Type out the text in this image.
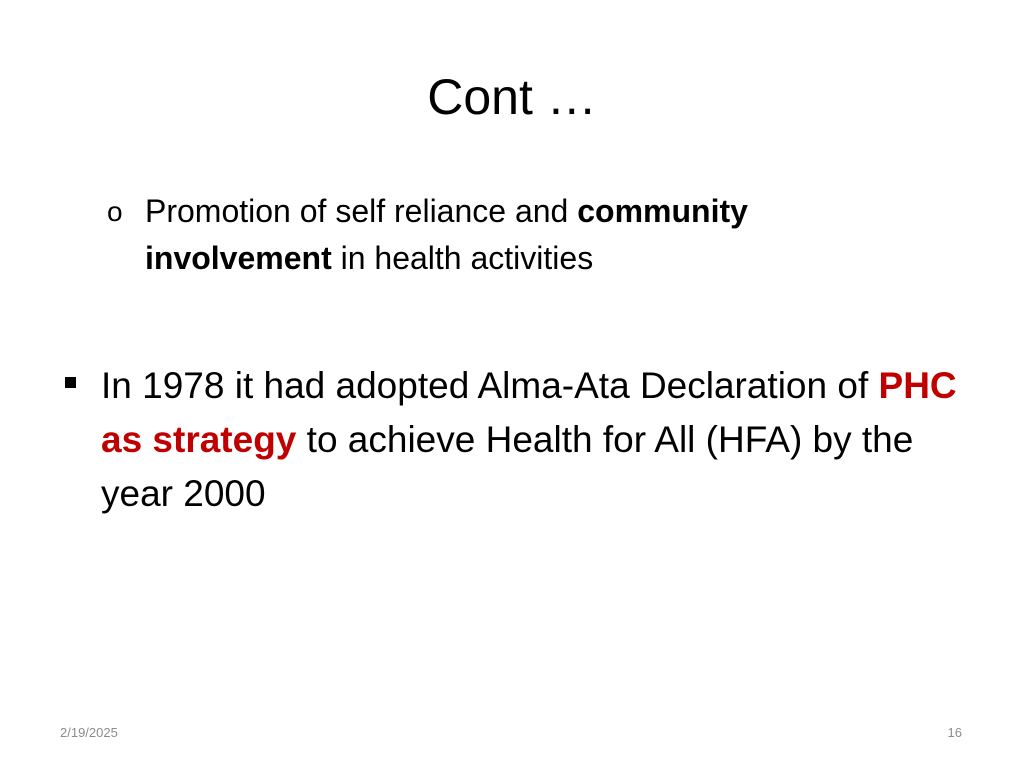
Cont …
o Promotion of self reliance and community involvement in health activities
In 1978 it had adopted Alma-Ata Declaration of PHC as strategy to achieve Health for All (HFA) by the year 2000
2/19/2025	16
